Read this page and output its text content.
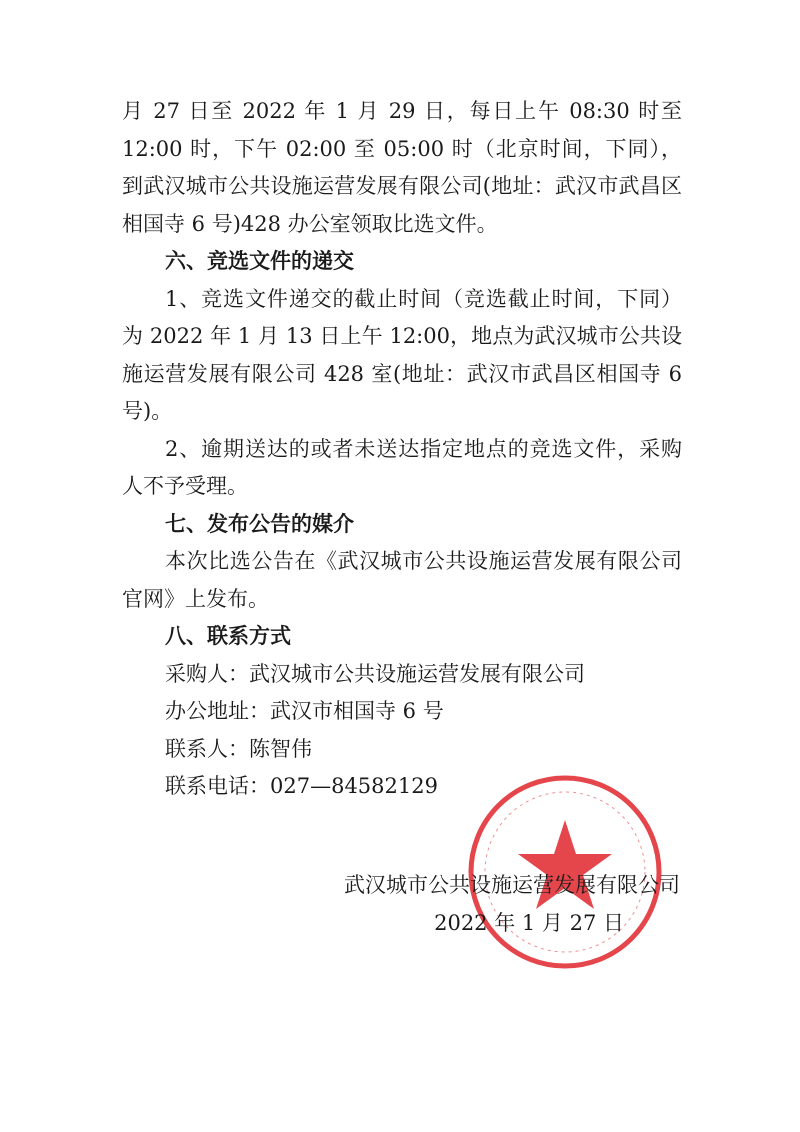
月 27 日至 2022 年 1 月 29 日，每日上午 08:30 时至 12:00 时，下午 02:00 至 05:00 时（北京时间，下同），到武汉城市公共设施运营发展有限公司(地址：武汉市武昌区相国寺 6 号)428 办公室领取比选文件。

六、竞选文件的递交

1、竞选文件递交的截止时间（竞选截止时间，下同）为 2022 年 1 月 13 日上午 12:00，地点为武汉城市公共设施运营发展有限公司 428 室(地址：武汉市武昌区相国寺 6 号)。

2、逾期送达的或者未送达指定地点的竞选文件，采购人不予受理。

七、发布公告的媒介

本次比选公告在《武汉城市公共设施运营发展有限公司官网》上发布。

八、联系方式

采购人：武汉城市公共设施运营发展有限公司

办公地址：武汉市相国寺 6 号

联系人：陈智伟

联系电话：027—84582129

武汉城市公共设施运营发展有限公司
2022 年 1 月 27 日
